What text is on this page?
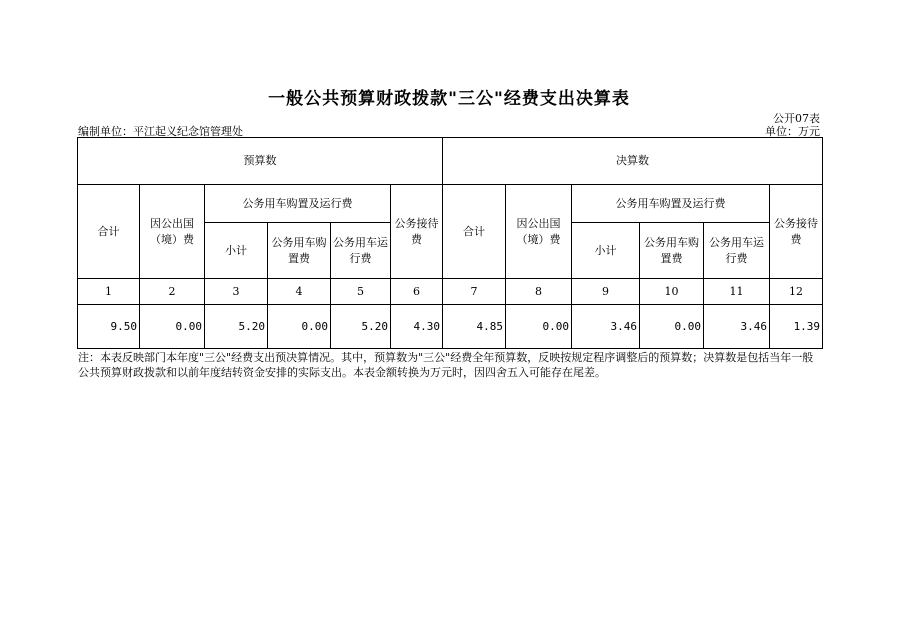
一般公共预算财政拨款"三公"经费支出决算表
公开07表
编制单位：平江起义纪念馆管理处	单位：万元
预算数						决算数					
合计	因公出国（境）费	公务用车购置及运行费			公务接待费	合计	因公出国（境）费	公务用车购置及运行费			公务接待费
		小计	公务用车购置费	公务用车运行费				小计	公务用车购置费	公务用车运行费	
1	2	3	4	5	6	7	8	9	10	11	12
9.50	0.00	5.20	0.00	5.20	4.30	4.85	0.00	3.46	0.00	3.46	1.39
注：本表反映部门本年度"三公"经费支出预决算情况。其中，预算数为"三公"经费全年预算数，反映按规定程序调整后的预算数；决算数是包括当年一般公共预算财政拨款和以前年度结转资金安排的实际支出。本表金额转换为万元时，因四舍五入可能存在尾差。
